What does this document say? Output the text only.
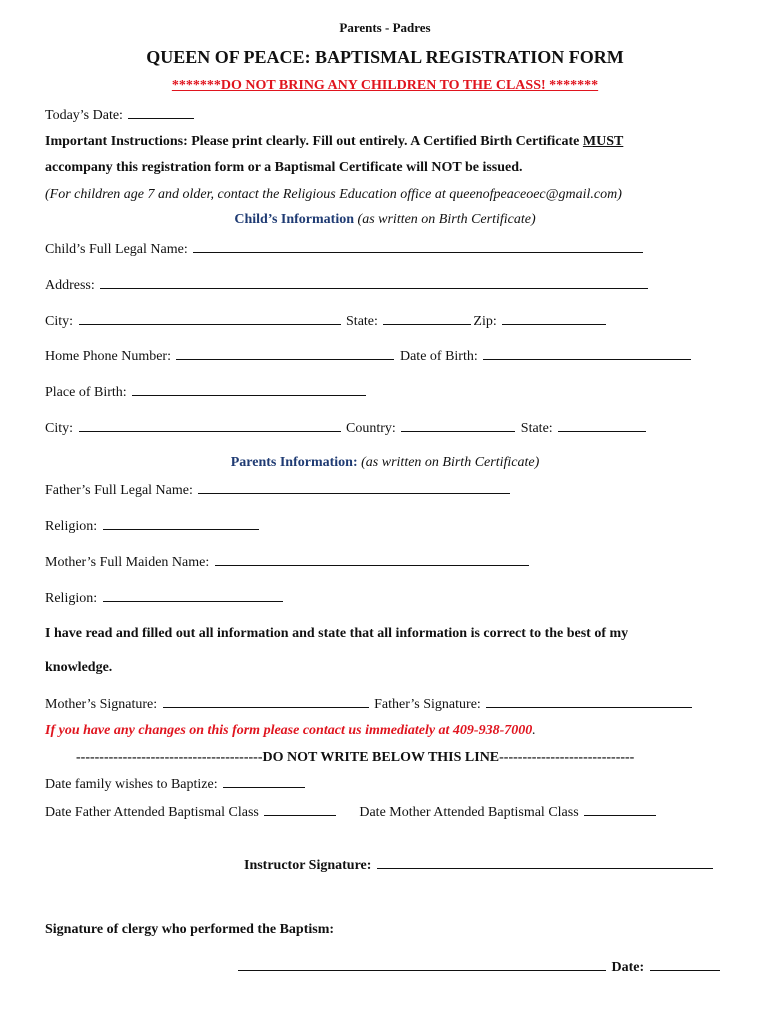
Parents - Padres
QUEEN OF PEACE: BAPTISMAL REGISTRATION FORM
*******DO NOT BRING ANY CHILDREN TO THE CLASS! *******
Today’s Date:
Important Instructions: Please print clearly. Fill out entirely. A Certified Birth Certificate MUST
accompany this registration form or a Baptismal Certificate will NOT be issued.
(For children age 7 and older, contact the Religious Education office at queenofpeaceoec@gmail.com)
Child’s Information (as written on Birth Certificate)
Child’s Full Legal Name:
Address:
City:	State:	Zip:
Home Phone Number:	Date of Birth:
Place of Birth:
City:	Country:	State:
Parents Information: (as written on Birth Certificate)
Father’s Full Legal Name:
Religion:
Mother’s Full Maiden Name:
Religion:
I have read and filled out all information and state that all information is correct to the best of my
knowledge.
Mother’s Signature:	Father’s Signature:
If you have any changes on this form please contact us immediately at 409-938-7000.
----------------------------------------DO NOT WRITE BELOW THIS LINE-----------------------------
Date family wishes to Baptize:
Date Father Attended Baptismal Class	Date Mother Attended Baptismal Class
Instructor Signature:
Signature of clergy who performed the Baptism:
Date:
